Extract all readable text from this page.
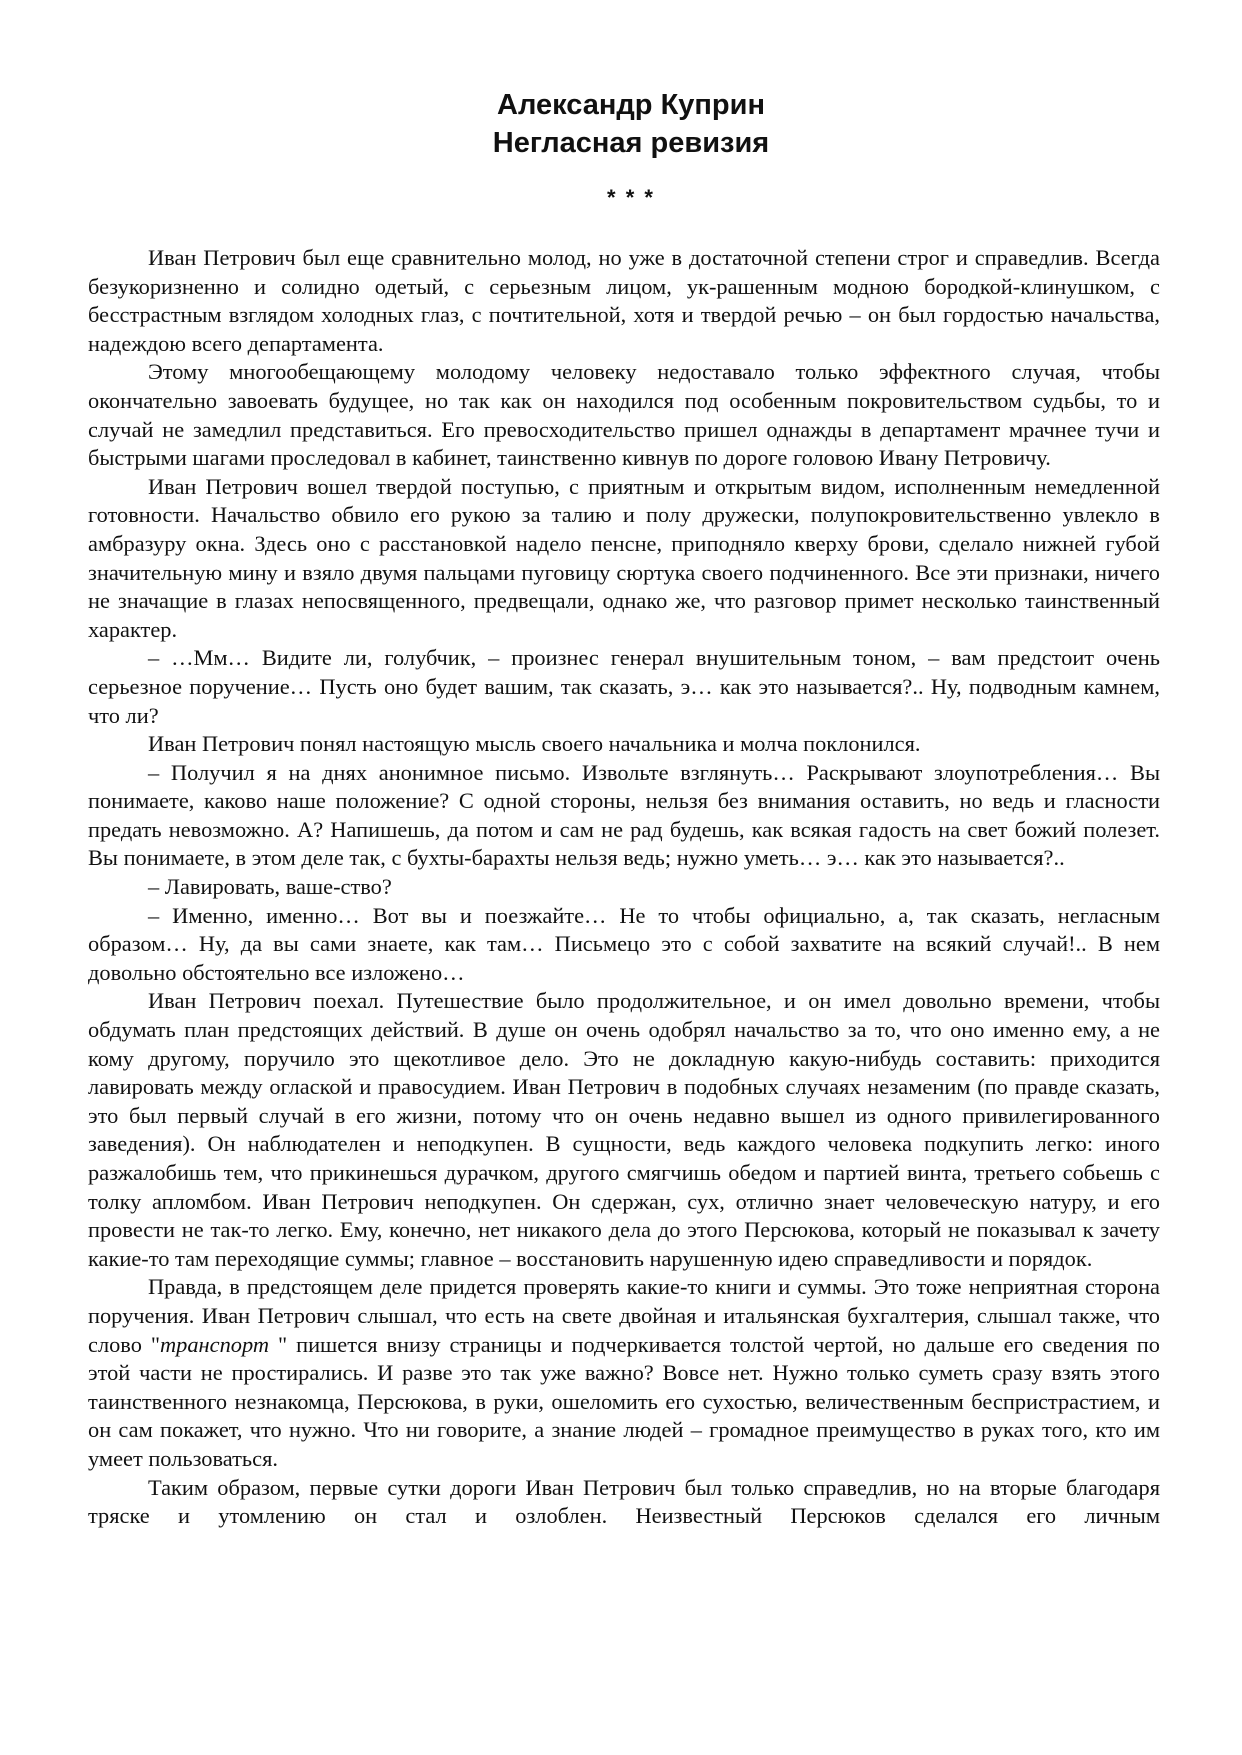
Александр Куприн
Негласная ревизия
* * *

Иван Петрович был еще сравнительно молод, но уже в достаточной степени строг и справедлив. Всегда безукоризненно и солидно одетый, с серьезным лицом, ук-рашенным модною бородкой-клинушком, с бесстрастным взглядом холодных глаз, с почтительной, хотя и твердой речью – он был гордостью начальства, надеждою всего департамента.

Этому многообещающему молодому человеку недоставало только эффектного случая, чтобы окончательно завоевать будущее, но так как он находился под особенным покровительством судьбы, то и случай не замедлил представиться. Его превосходительство пришел однажды в департамент мрачнее тучи и быстрыми шагами проследовал в кабинет, таинственно кивнув по дороге головою Ивану Петровичу.

Иван Петрович вошел твердой поступью, с приятным и открытым видом, исполненным немедленной готовности. Начальство обвило его рукою за талию и полу дружески, полупокровительственно увлекло в амбразуру окна. Здесь оно с расстановкой надело пенсне, приподняло кверху брови, сделало нижней губой значительную мину и взяло двумя пальцами пуговицу сюртука своего подчиненного. Все эти признаки, ничего не значащие в глазах непосвященного, предвещали, однако же, что разговор примет несколько таинственный характер.

– …Мм… Видите ли, голубчик, – произнес генерал внушительным тоном, – вам предстоит очень серьезное поручение… Пусть оно будет вашим, так сказать, э… как это называется?.. Ну, подводным камнем, что ли?

Иван Петрович понял настоящую мысль своего начальника и молча поклонился.

– Получил я на днях анонимное письмо. Извольте взглянуть… Раскрывают злоупотребления… Вы понимаете, каково наше положение? С одной стороны, нельзя без внимания оставить, но ведь и гласности предать невозможно. А? Напишешь, да потом и сам не рад будешь, как всякая гадость на свет божий полезет. Вы понимаете, в этом деле так, с бухты-барахты нельзя ведь; нужно уметь… э… как это называется?..

– Лавировать, ваше-ство?

– Именно, именно… Вот вы и поезжайте… Не то чтобы официально, а, так сказать, негласным образом… Ну, да вы сами знаете, как там… Письмецо это с собой захватите на всякий случай!.. В нем довольно обстоятельно все изложено…

Иван Петрович поехал. Путешествие было продолжительное, и он имел довольно времени, чтобы обдумать план предстоящих действий. В душе он очень одобрял начальство за то, что оно именно ему, а не кому другому, поручило это щекотливое дело. Это не докладную какую-нибудь составить: приходится лавировать между оглаской и правосудием. Иван Петрович в подобных случаях незаменим (по правде сказать, это был первый случай в его жизни, потому что он очень недавно вышел из одного привилегированного заведения). Он наблюдателен и неподкупен. В сущности, ведь каждого человека подкупить легко: иного разжалобишь тем, что прикинешься дурачком, другого смягчишь обедом и партией винта, третьего собьешь с толку апломбом. Иван Петрович неподкупен. Он сдержан, сух, отлично знает человеческую натуру, и его провести не так-то легко. Ему, конечно, нет никакого дела до этого Персюкова, который не показывал к зачету какие-то там переходящие суммы; главное – восстановить нарушенную идею справедливости и порядок.

Правда, в предстоящем деле придется проверять какие-то книги и суммы. Это тоже неприятная сторона поручения. Иван Петрович слышал, что есть на свете двойная и итальянская бухгалтерия, слышал также, что слово "транспорт " пишется внизу страницы и подчеркивается толстой чертой, но дальше его сведения по этой части не простирались. И разве это так уже важно? Вовсе нет. Нужно только суметь сразу взять этого таинственного незнакомца, Персюкова, в руки, ошеломить его сухостью, величественным беспристрастием, и он сам покажет, что нужно. Что ни говорите, а знание людей – громадное преимущество в руках того, кто им умеет пользоваться.

Таким образом, первые сутки дороги Иван Петрович был только справедлив, но на вторые благодаря тряске и утомлению он стал и озлоблен. Неизвестный Персюков сделался его личным
